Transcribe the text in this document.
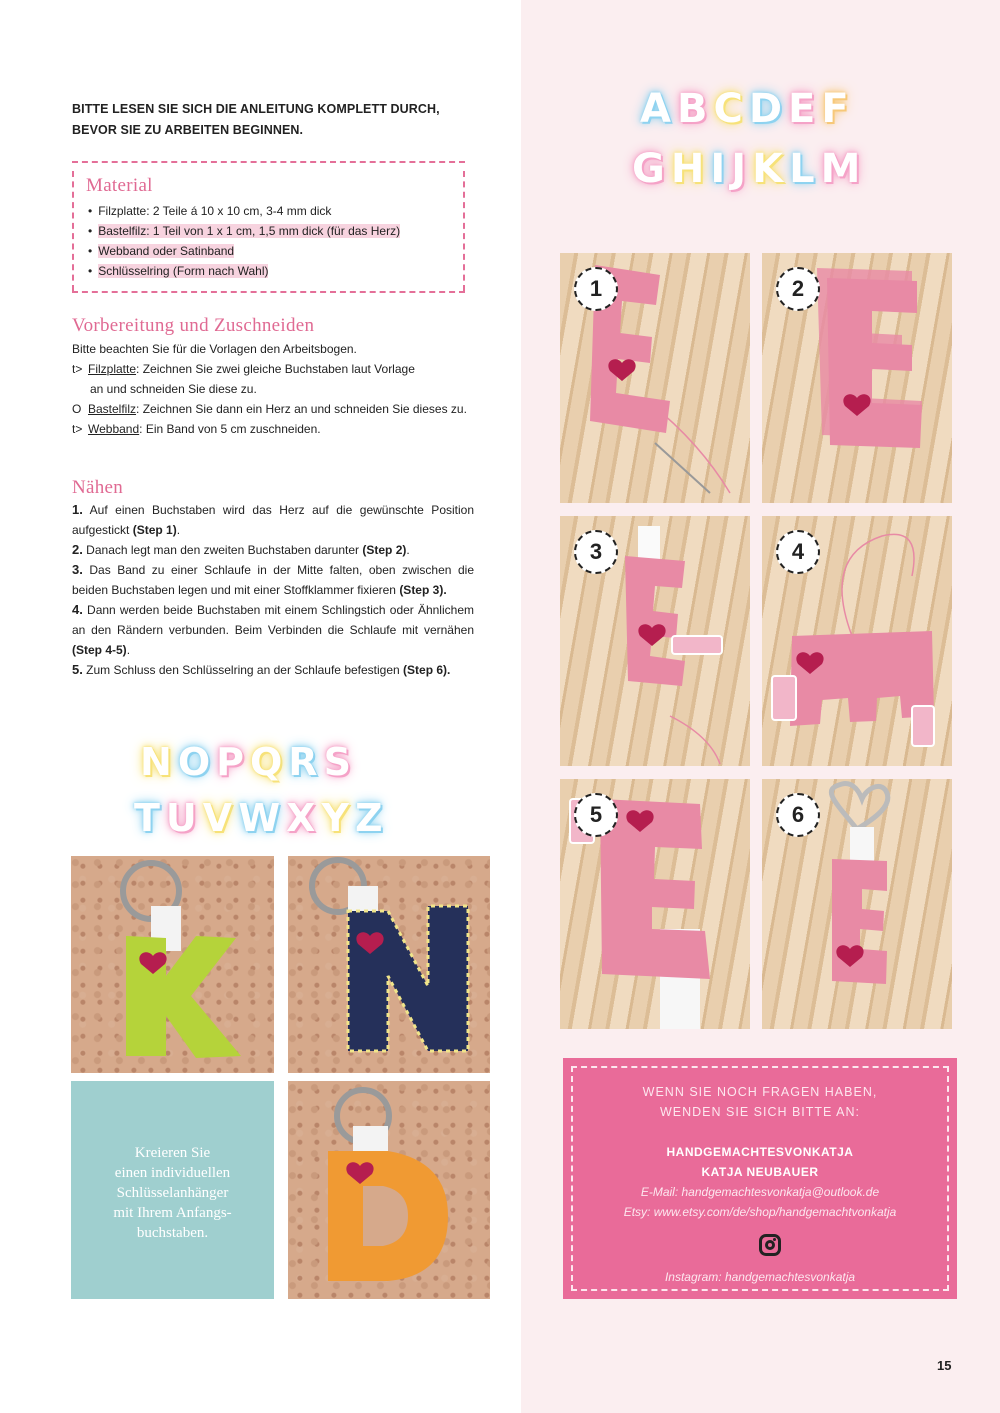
BITTE LESEN SIE SICH DIE ANLEITUNG KOMPLETT DURCH,
BEVOR SIE ZU ARBEITEN BEGINNEN.
Material
• Filzplatte: 2 Teile á 10 x 10 cm, 3-4 mm dick
• Bastelfilz: 1 Teil von 1 x 1 cm, 1,5 mm dick (für das Herz)
• Webband oder Satinband
• Schlüsselring (Form nach Wahl)
Vorbereitung und Zuschneiden
Bitte beachten Sie für die Vorlagen den Arbeitsbogen.
t> Filzplatte: Zeichnen Sie zwei gleiche Buchstaben laut Vorlage
an und schneiden Sie diese zu.
O Bastelfilz: Zeichnen Sie dann ein Herz an und schneiden Sie dieses zu.
t> Webband: Ein Band von 5 cm zuschneiden.
Nähen
1. Auf einen Buchstaben wird das Herz auf die gewünschte Position aufgestickt (Step 1).
2. Danach legt man den zweiten Buchstaben darunter (Step 2).
3. Das Band zu einer Schlaufe in der Mitte falten, oben zwischen die beiden Buchstaben legen und mit einer Stoffklammer fixieren (Step 3).
4. Dann werden beide Buchstaben mit einem Schlingstich oder Ähnlichem an den Rändern verbunden. Beim Verbinden die Schlaufe mit vernähen (Step 4-5).
5. Zum Schluss den Schlüsselring an der Schlaufe befestigen (Step 6).
ABCDEF
GHIJKLM
NOPQRS
TUVWXYZ
1	2
3	4
5	6
Kreieren Sie
einen individuellen
Schlüsselanhänger
mit Ihrem Anfangs-
buchstaben.
WENN SIE NOCH FRAGEN HABEN,
WENDEN SIE SICH BITTE AN:
HANDGEMACHTESVONKATJA
KATJA NEUBAUER
E-Mail: handgemachtesvonkatja@outlook.de
Etsy: www.etsy.com/de/shop/handgemachtvonkatja
Instagram: handgemachtesvonkatja
15
